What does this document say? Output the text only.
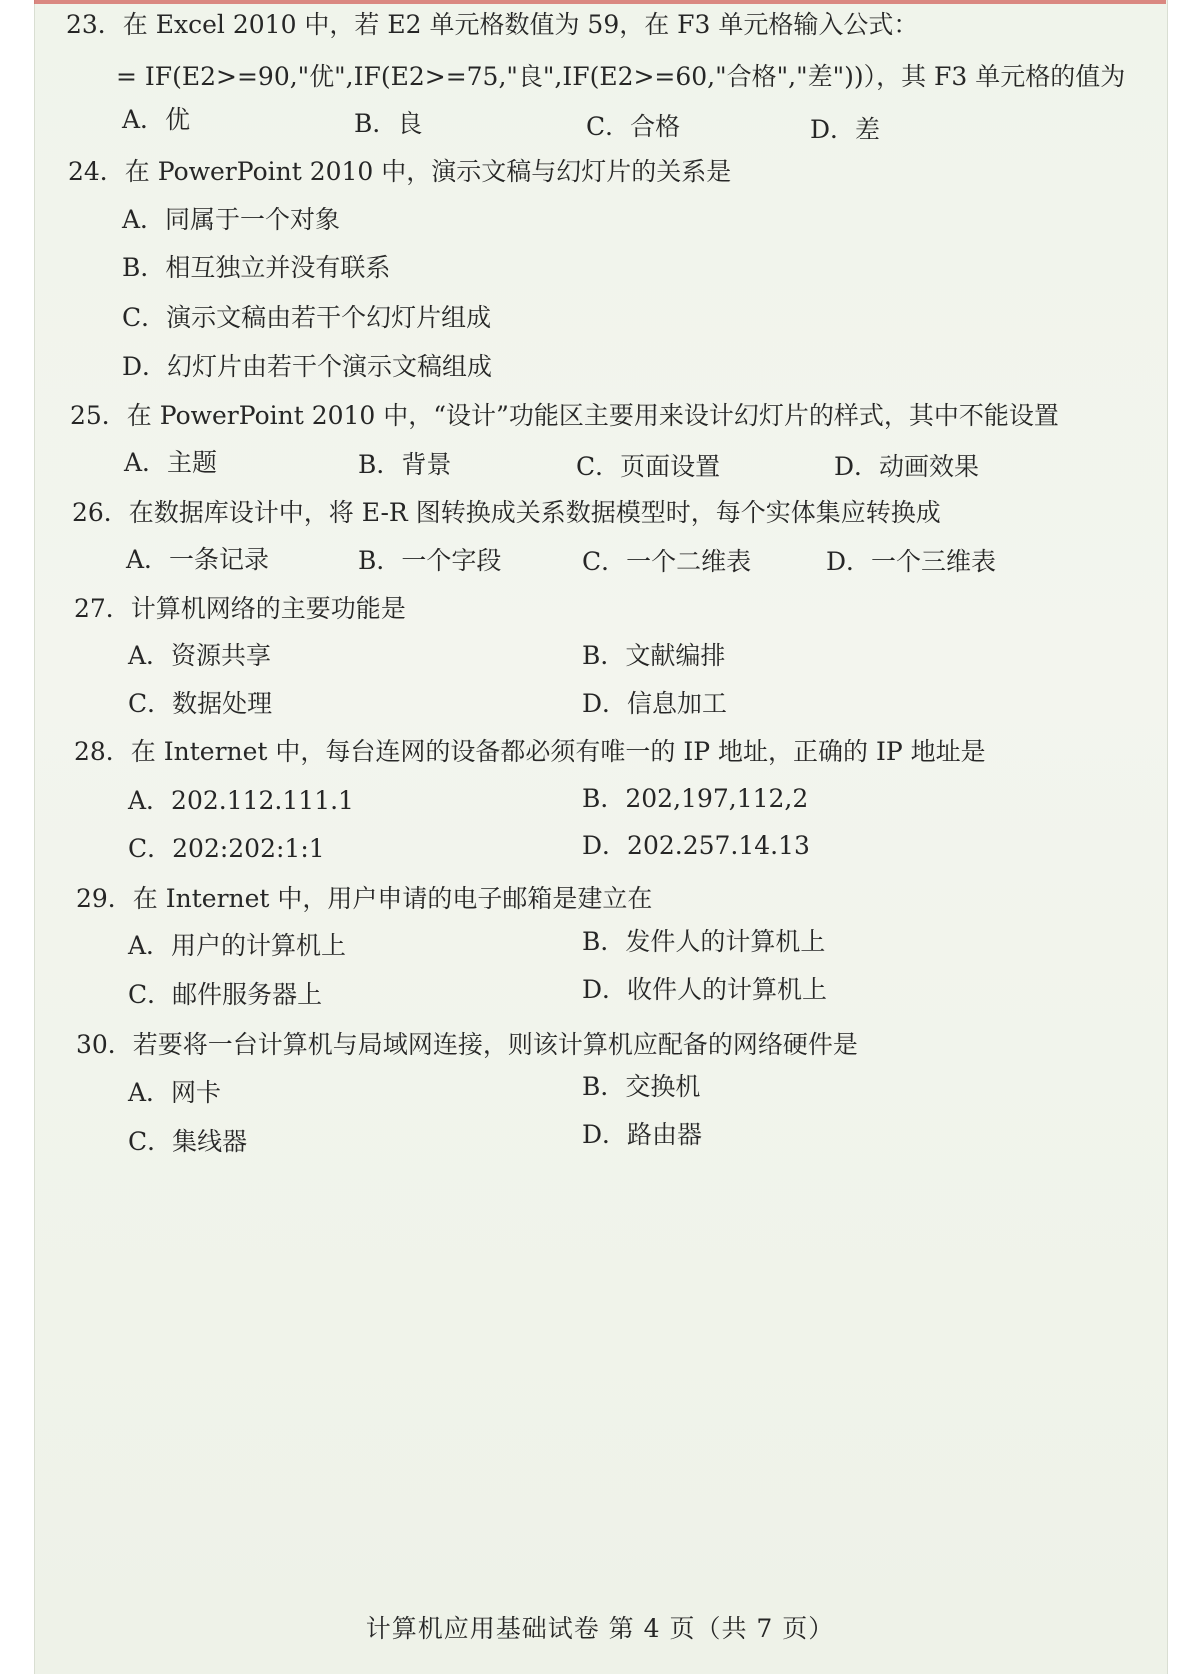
23．在 Excel 2010 中，若 E2 单元格数值为 59，在 F3 单元格输入公式：
= IF(E2>=90,"优",IF(E2>=75,"良",IF(E2>=60,"合格","差"))），其 F3 单元格的值为
A．优	B．良	C．合格	D．差
24．在 PowerPoint 2010 中，演示文稿与幻灯片的关系是
A．同属于一个对象
B．相互独立并没有联系
C．演示文稿由若干个幻灯片组成
D．幻灯片由若干个演示文稿组成
25．在 PowerPoint 2010 中，“设计”功能区主要用来设计幻灯片的样式，其中不能设置
A．主题	B．背景	C．页面设置	D．动画效果
26．在数据库设计中，将 E-R 图转换成关系数据模型时，每个实体集应转换成
A．一条记录	B．一个字段	C．一个二维表	D．一个三维表
27．计算机网络的主要功能是
A．资源共享	B．文献编排
C．数据处理	D．信息加工
28．在 Internet 中，每台连网的设备都必须有唯一的 IP 地址，正确的 IP 地址是
A．202.112.111.1	B．202,197,112,2
C．202:202:1:1	D．202.257.14.13
29．在 Internet 中，用户申请的电子邮箱是建立在
A．用户的计算机上	B．发件人的计算机上
C．邮件服务器上	D．收件人的计算机上
30．若要将一台计算机与局域网连接，则该计算机应配备的网络硬件是
A．网卡	B．交换机
C．集线器	D．路由器
计算机应用基础试卷 第 4 页（共 7 页）
